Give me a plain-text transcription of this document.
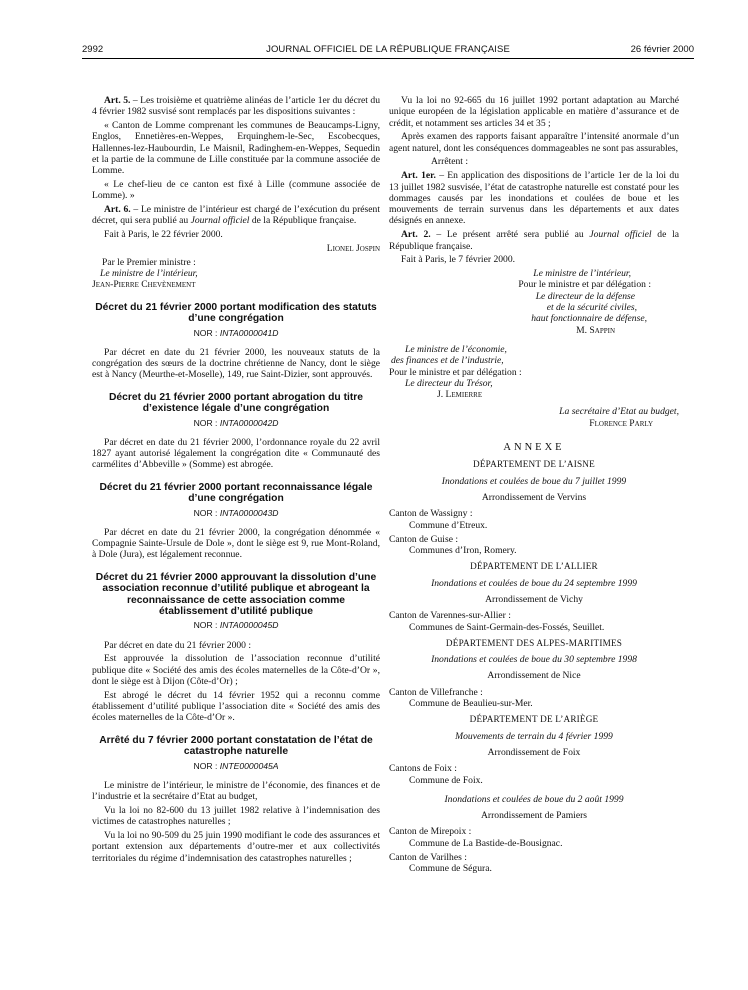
2992	JOURNAL OFFICIEL DE LA RÉPUBLIQUE FRANÇAISE	26 février 2000

Art. 5. – Les troisième et quatrième alinéas de l’article 1er du décret du 4 février 1982 susvisé sont remplacés par les dispositions suivantes :

« Canton de Lomme comprenant les communes de Beaucamps-Ligny, Englos, Ennetières-en-Weppes, Erquinghem-le-Sec, Escobecques, Hallennes-lez-Haubourdin, Le Maisnil, Radinghem-en-Weppes, Sequedin et la partie de la commune de Lille constituée par la commune associée de Lomme.

« Le chef-lieu de ce canton est fixé à Lille (commune associée de Lomme). »

Art. 6. – Le ministre de l’intérieur est chargé de l’exécution du présent décret, qui sera publié au Journal officiel de la République française.

Fait à Paris, le 22 février 2000.

Lionel Jospin

Par le Premier ministre :

Le ministre de l’intérieur,

Jean-Pierre Chevènement

Décret du 21 février 2000 portant modification des statuts d’une congrégation

NOR : INTA0000041D

Par décret en date du 21 février 2000, les nouveaux statuts de la congrégation des sœurs de la doctrine chrétienne de Nancy, dont le siège est à Nancy (Meurthe-et-Moselle), 149, rue Saint-Dizier, sont approuvés.

Décret du 21 février 2000 portant abrogation du titre d’existence légale d’une congrégation

NOR : INTA0000042D

Par décret en date du 21 février 2000, l’ordonnance royale du 22 avril 1827 ayant autorisé légalement la congrégation dite « Communauté des carmélites d’Abbeville » (Somme) est abrogée.

Décret du 21 février 2000 portant reconnaissance légale d’une congrégation

NOR : INTA0000043D

Par décret en date du 21 février 2000, la congrégation dénommée « Compagnie Sainte-Ursule de Dole », dont le siège est 9, rue Mont-Roland, à Dole (Jura), est légalement reconnue.

Décret du 21 février 2000 approuvant la dissolution d’une association reconnue d’utilité publique et abrogeant la reconnaissance de cette association comme établissement d’utilité publique

NOR : INTA0000045D

Par décret en date du 21 février 2000 :

Est approuvée la dissolution de l’association reconnue d’utilité publique dite « Société des amis des écoles maternelles de la Côte-d’Or », dont le siège est à Dijon (Côte-d’Or) ;

Est abrogé le décret du 14 février 1952 qui a reconnu comme établissement d’utilité publique l’association dite « Société des amis des écoles maternelles de la Côte-d’Or ».

Arrêté du 7 février 2000 portant constatation de l’état de catastrophe naturelle

NOR : INTE0000045A

Le ministre de l’intérieur, le ministre de l’économie, des finances et de l’industrie et la secrétaire d’Etat au budget,

Vu la loi no 82-600 du 13 juillet 1982 relative à l’indemnisation des victimes de catastrophes naturelles ;

Vu la loi no 90-509 du 25 juin 1990 modifiant le code des assurances et portant extension aux départements d’outre-mer et aux collectivités territoriales du régime d’indemnisation des catastrophes naturelles ;

Vu la loi no 92-665 du 16 juillet 1992 portant adaptation au Marché unique européen de la législation applicable en matière d’assurance et de crédit, et notamment ses articles 34 et 35 ;

Après examen des rapports faisant apparaître l’intensité anormale d’un agent naturel, dont les conséquences dommageables ne sont pas assurables,

Arrêtent :

Art. 1er. – En application des dispositions de l’article 1er de la loi du 13 juillet 1982 susvisée, l’état de catastrophe naturelle est constaté pour les dommages causés par les inondations et coulées de boue et les mouvements de terrain survenus dans les départements et aux dates désignés en annexe.

Art. 2. – Le présent arrêté sera publié au Journal officiel de la République française.

Fait à Paris, le 7 février 2000.

Le ministre de l’intérieur,
Pour le ministre et par délégation :
Le directeur de la défense
et de la sécurité civiles,
haut fonctionnaire de défense,
M. Sappin
Le ministre de l’économie,
des finances et de l’industrie,
Pour le ministre et par délégation :
Le directeur du Trésor,
J. Lemierre
La secrétaire d’Etat au budget,
Florence Parly

ANNEXE

DÉPARTEMENT DE L’AISNE

Inondations et coulées de boue du 7 juillet 1999

Arrondissement de Vervins

Canton de Wassigny :

Commune d’Etreux.

Canton de Guise :

Communes d’Iron, Romery.

DÉPARTEMENT DE L’ALLIER

Inondations et coulées de boue du 24 septembre 1999

Arrondissement de Vichy

Canton de Varennes-sur-Allier :

Communes de Saint-Germain-des-Fossés, Seuillet.

DÉPARTEMENT DES ALPES-MARITIMES

Inondations et coulées de boue du 30 septembre 1998

Arrondissement de Nice

Canton de Villefranche :

Commune de Beaulieu-sur-Mer.

DÉPARTEMENT DE L’ARIÈGE

Mouvements de terrain du 4 février 1999

Arrondissement de Foix

Cantons de Foix :

Commune de Foix.

Inondations et coulées de boue du 2 août 1999

Arrondissement de Pamiers

Canton de Mirepoix :

Commune de La Bastide-de-Bousignac.

Canton de Varilhes :

Commune de Ségura.
